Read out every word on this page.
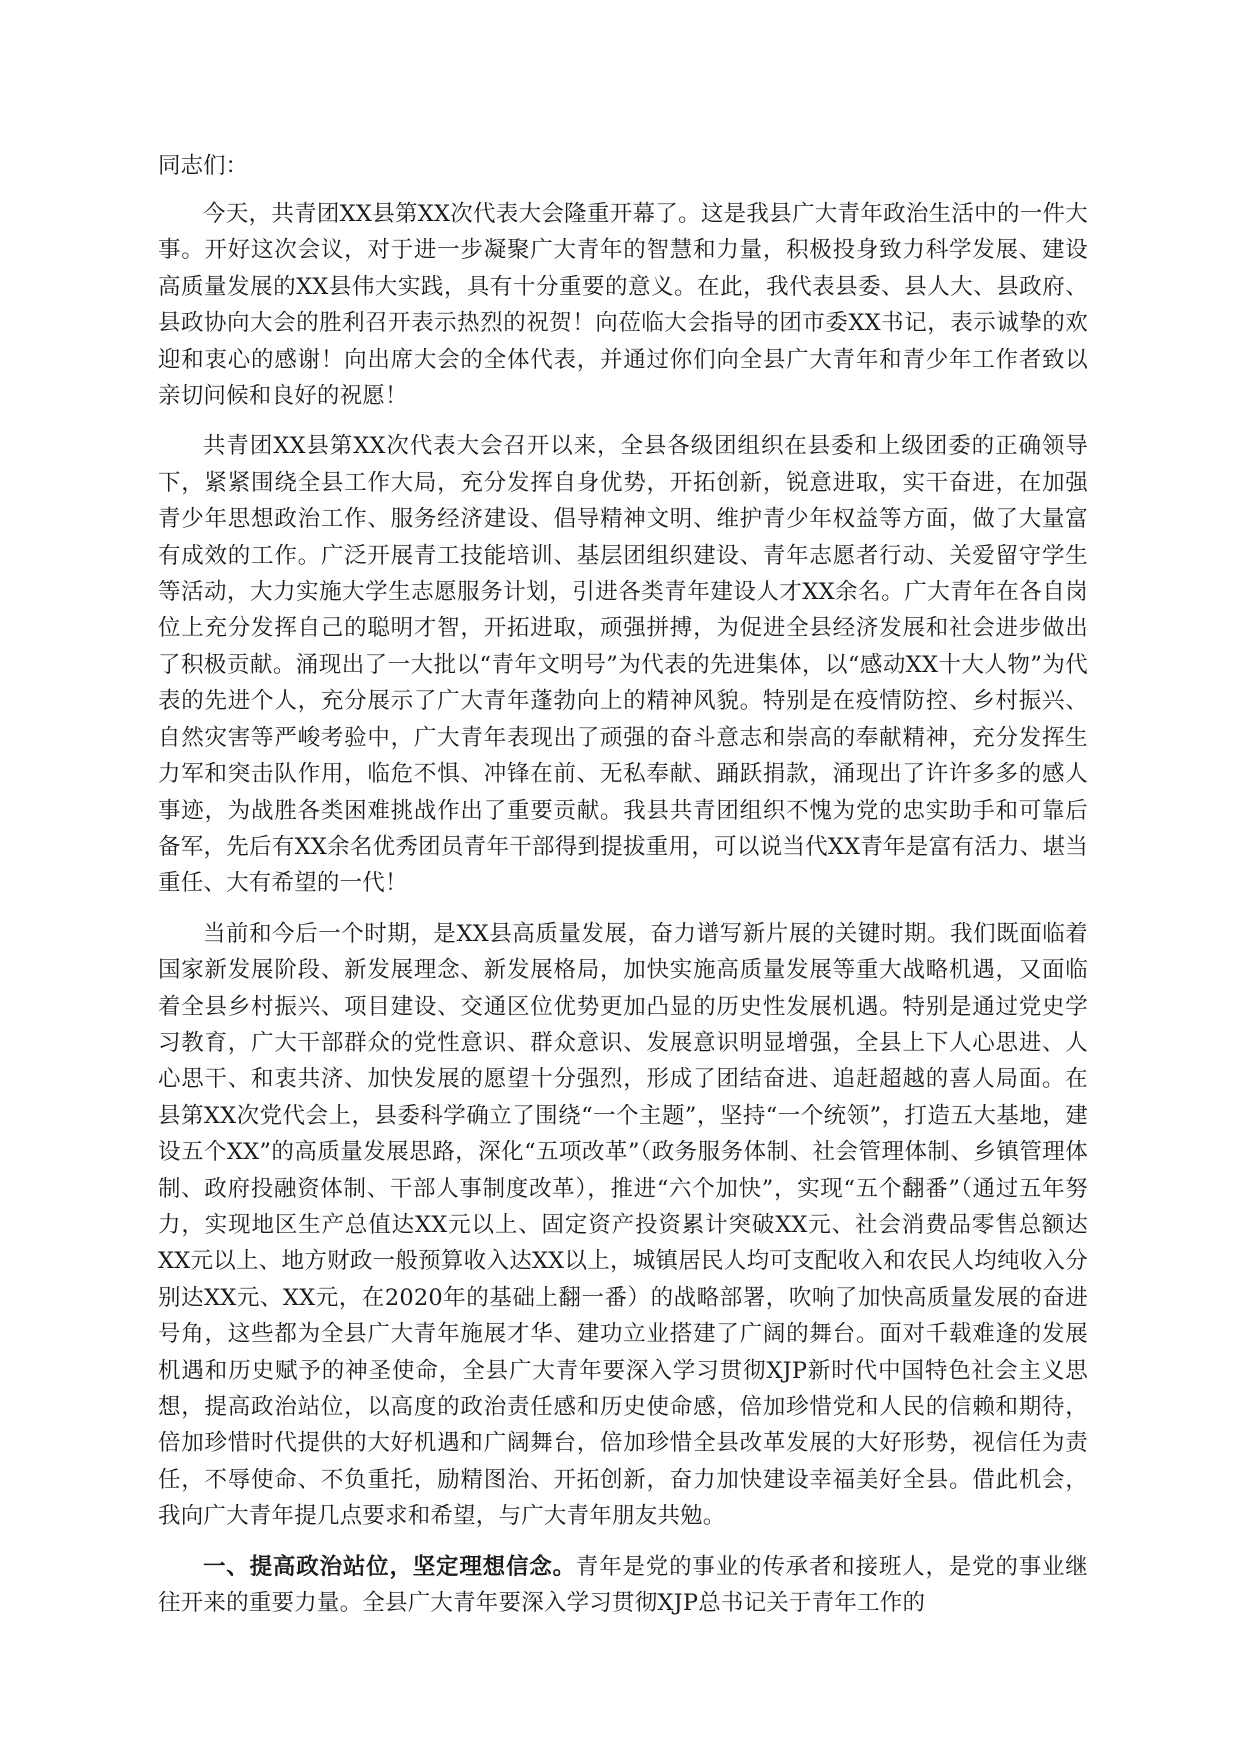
同志们：

今天，共青团XX县第XX次代表大会隆重开幕了。这是我县广大青年政治生活中的一件大事。开好这次会议，对于进一步凝聚广大青年的智慧和力量，积极投身致力科学发展、建设高质量发展的XX县伟大实践，具有十分重要的意义。在此，我代表县委、县人大、县政府、县政协向大会的胜利召开表示热烈的祝贺！向莅临大会指导的团市委XX书记，表示诚挚的欢迎和衷心的感谢！向出席大会的全体代表，并通过你们向全县广大青年和青少年工作者致以亲切问候和良好的祝愿！

共青团XX县第XX次代表大会召开以来，全县各级团组织在县委和上级团委的正确领导下，紧紧围绕全县工作大局，充分发挥自身优势，开拓创新，锐意进取，实干奋进，在加强青少年思想政治工作、服务经济建设、倡导精神文明、维护青少年权益等方面，做了大量富有成效的工作。广泛开展青工技能培训、基层团组织建设、青年志愿者行动、关爱留守学生等活动，大力实施大学生志愿服务计划，引进各类青年建设人才XX余名。广大青年在各自岗位上充分发挥自己的聪明才智，开拓进取，顽强拼搏，为促进全县经济发展和社会进步做出了积极贡献。涌现出了一大批以“青年文明号”为代表的先进集体，以“感动XX十大人物”为代表的先进个人，充分展示了广大青年蓬勃向上的精神风貌。特别是在疫情防控、乡村振兴、自然灾害等严峻考验中，广大青年表现出了顽强的奋斗意志和崇高的奉献精神，充分发挥生力军和突击队作用，临危不惧、冲锋在前、无私奉献、踊跃捐款，涌现出了许许多多的感人事迹，为战胜各类困难挑战作出了重要贡献。我县共青团组织不愧为党的忠实助手和可靠后备军，先后有XX余名优秀团员青年干部得到提拔重用，可以说当代XX青年是富有活力、堪当重任、大有希望的一代！

当前和今后一个时期，是XX县高质量发展，奋力谱写新片展的关键时期。我们既面临着国家新发展阶段、新发展理念、新发展格局，加快实施高质量发展等重大战略机遇，又面临着全县乡村振兴、项目建设、交通区位优势更加凸显的历史性发展机遇。特别是通过党史学习教育，广大干部群众的党性意识、群众意识、发展意识明显增强，全县上下人心思进、人心思干、和衷共济、加快发展的愿望十分强烈，形成了团结奋进、追赶超越的喜人局面。在县第XX次党代会上，县委科学确立了围绕“一个主题”，坚持“一个统领”，打造五大基地，建设五个XX”的高质量发展思路，深化“五项改革”（政务服务体制、社会管理体制、乡镇管理体制、政府投融资体制、干部人事制度改革），推进“六个加快”，实现“五个翻番”（通过五年努力，实现地区生产总值达XX元以上、固定资产投资累计突破XX元、社会消费品零售总额达XX元以上、地方财政一般预算收入达XX以上，城镇居民人均可支配收入和农民人均纯收入分别达XX元、XX元，在2020年的基础上翻一番）的战略部署，吹响了加快高质量发展的奋进号角，这些都为全县广大青年施展才华、建功立业搭建了广阔的舞台。面对千载难逢的发展机遇和历史赋予的神圣使命，全县广大青年要深入学习贯彻XJP新时代中国特色社会主义思想，提高政治站位，以高度的政治责任感和历史使命感，倍加珍惜党和人民的信赖和期待，倍加珍惜时代提供的大好机遇和广阔舞台，倍加珍惜全县改革发展的大好形势，视信任为责任，不辱使命、不负重托，励精图治、开拓创新，奋力加快建设幸福美好全县。借此机会，我向广大青年提几点要求和希望，与广大青年朋友共勉。

一、提高政治站位，坚定理想信念。青年是党的事业的传承者和接班人，是党的事业继往开来的重要力量。全县广大青年要深入学习贯彻XJP总书记关于青年工作的
